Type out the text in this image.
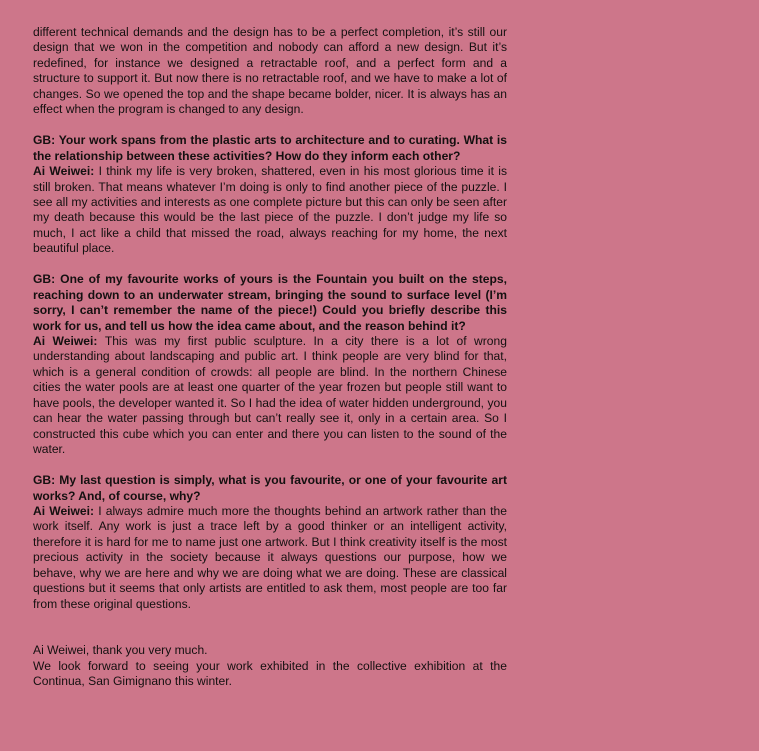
different technical demands and the design has to be a perfect completion, it’s still our design that we won in the competition and nobody can afford a new design. But it’s redefined, for instance we designed a retractable roof, and a perfect form and a structure to support it. But now there is no retractable roof, and we have to make a lot of changes. So we opened the top and the shape became bolder, nicer. It is always has an effect when the program is changed to any design.

GB: Your work spans from the plastic arts to architecture and to curating. What is the relationship between these activities? How do they inform each other?
Ai Weiwei: I think my life is very broken, shattered, even in his most glorious time it is still broken. That means whatever I’m doing is only to find another piece of the puzzle. I see all my activities and interests as one complete picture but this can only be seen after my death because this would be the last piece of the puzzle. I don’t judge my life so much, I act like a child that missed the road, always reaching for my home, the next beautiful place.
GB: One of my favourite works of yours is the Fountain you built on the steps, reaching down to an underwater stream, bringing the sound to surface level (I’m sorry, I can’t remember the name of the piece!) Could you briefly describe this work for us, and tell us how the idea came about, and the reason behind it?
Ai Weiwei: This was my first public sculpture. In a city there is a lot of wrong understanding about landscaping and public art. I think people are very blind for that, which is a general condition of crowds: all people are blind. In the northern Chinese cities the water pools are at least one quarter of the year frozen but people still want to have pools, the developer wanted it. So I had the idea of water hidden underground, you can hear the water passing through but can’t really see it, only in a certain area. So I constructed this cube which you can enter and there you can listen to the sound of the water.
GB: My last question is simply, what is you favourite, or one of your favourite art works? And, of course, why?
Ai Weiwei: I always admire much more the thoughts behind an artwork rather than the work itself. Any work is just a trace left by a good thinker or an intelligent activity, therefore it is hard for me to name just one artwork. But I think creativity itself is the most precious activity in the society because it always questions our purpose, how we behave, why we are here and why we are doing what we are doing. These are classical questions but it seems that only artists are entitled to ask them, most people are too far from these original questions.
Ai Weiwei, thank you very much.
We look forward to seeing your work exhibited in the collective exhibition at the Continua, San Gimignano this winter.
